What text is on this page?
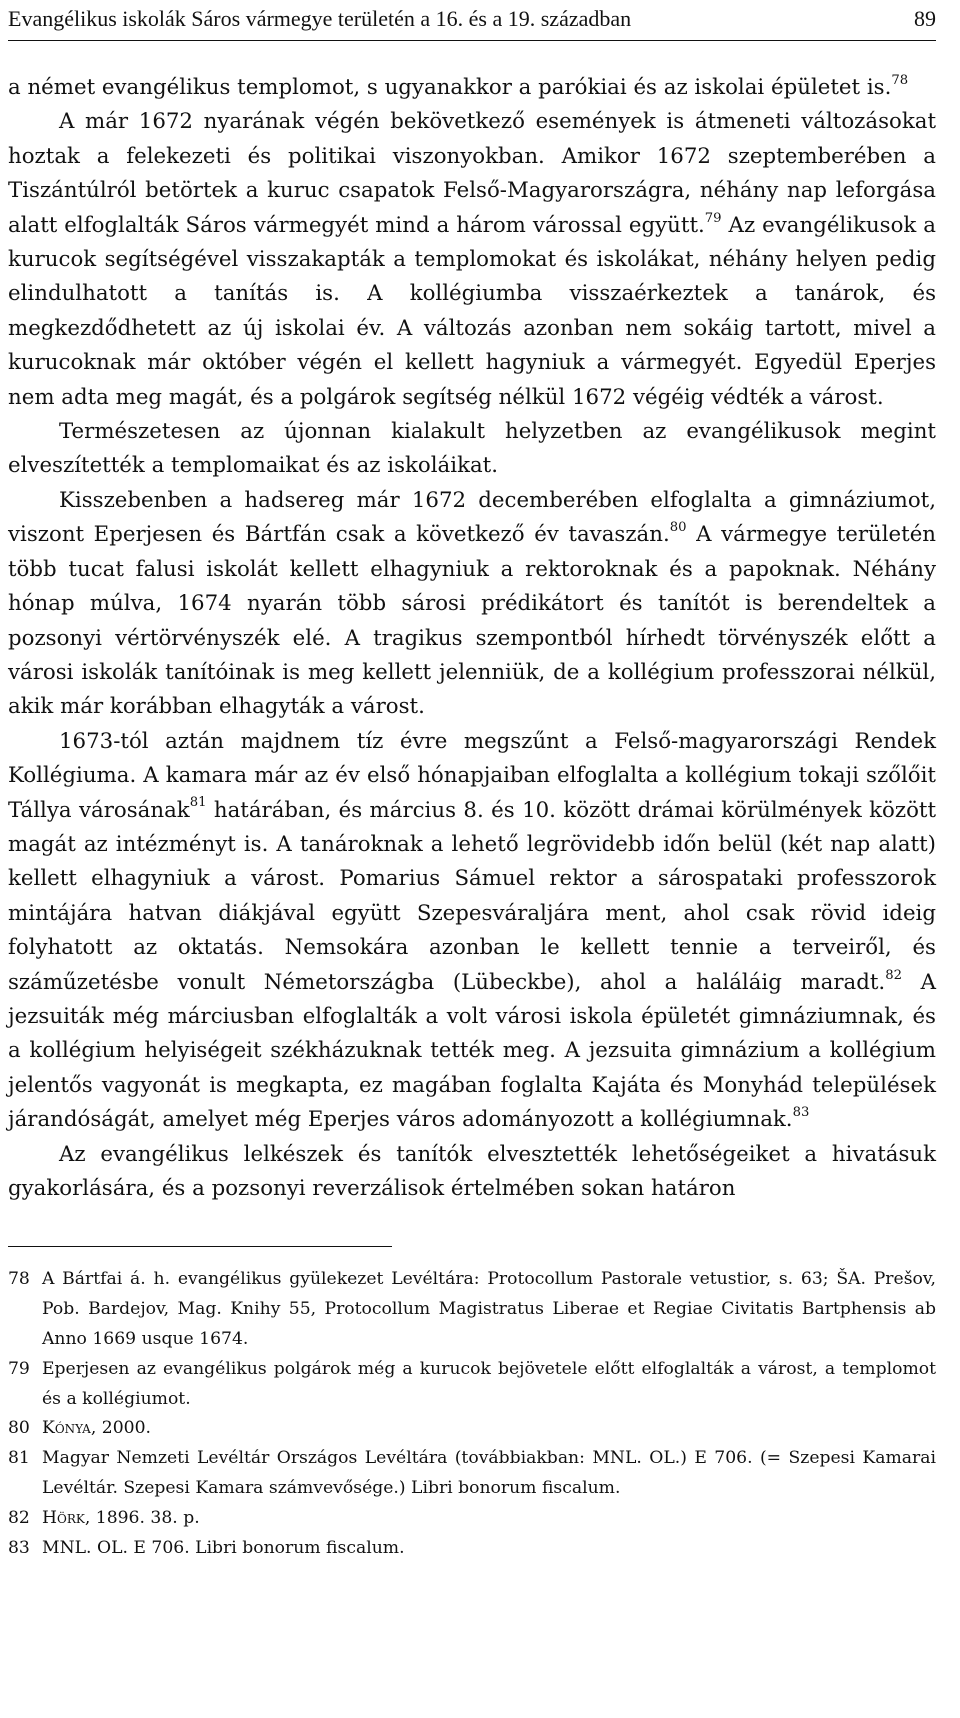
Evangélikus iskolák Sáros vármegye területén a 16. és a 19. században	89

a német evangélikus templomot, s ugyanakkor a parókiai és az iskolai épületet is.$^{78}$

A már 1672 nyarának végén bekövetkező események is átmeneti változásokat hoztak a felekezeti és politikai viszonyokban. Amikor 1672 szeptemberében a Tiszántúlról betörtek a kuruc csapatok Felső-Magyarországra, néhány nap leforgása alatt elfoglalták Sáros vármegyét mind a három várossal együtt.$^{79}$ Az evangélikusok a kurucok segítségével visszakapták a templomokat és iskolákat, néhány helyen pedig elindulhatott a tanítás is. A kollégiumba visszaérkeztek a tanárok, és megkezdődhetett az új iskolai év. A változás azonban nem sokáig tartott, mivel a kurucoknak már október végén el kellett hagyniuk a vármegyét. Egyedül Eperjes nem adta meg magát, és a polgárok segítség nélkül 1672 végéig védték a várost.

Természetesen az újonnan kialakult helyzetben az evangélikusok megint elveszítették a templomaikat és az iskoláikat.

Kisszebenben a hadsereg már 1672 decemberében elfoglalta a gimnáziumot, viszont Eperjesen és Bártfán csak a következő év tavaszán.$^{80}$ A vármegye területén több tucat falusi iskolát kellett elhagyniuk a rektoroknak és a papoknak. Néhány hónap múlva, 1674 nyarán több sárosi prédikátort és tanítót is berendeltek a pozsonyi vértörvényszék elé. A tragikus szempontból hírhedt törvényszék előtt a városi iskolák tanítóinak is meg kellett jelenniük, de a kollégium professzorai nélkül, akik már korábban elhagyták a várost.

1673-tól aztán majdnem tíz évre megszűnt a Felső-magyarországi Rendek Kollégiuma. A kamara már az év első hónapjaiban elfoglalta a kollégium tokaji szőlőit Tállya városának$^{81}$ határában, és március 8. és 10. között drámai körülmények között magát az intézményt is. A tanároknak a lehető legrövidebb időn belül (két nap alatt) kellett elhagyniuk a várost. Pomarius Sámuel rektor a sárospataki professzorok mintájára hatvan diákjával együtt Szepesváraljára ment, ahol csak rövid ideig folyhatott az oktatás. Nemsokára azonban le kellett tennie a terveiről, és száműzetésbe vonult Németországba (Lübeckbe), ahol a haláláig maradt.$^{82}$ A jezsuiták még márciusban elfoglalták a volt városi iskola épületét gimnáziumnak, és a kollégium helyiségeit székházuknak tették meg. A jezsuita gimnázium a kollégium jelentős vagyonát is megkapta, ez magában foglalta Kajáta és Monyhád települések járandóságát, amelyet még Eperjes város adományozott a kollégiumnak.$^{83}$

Az evangélikus lelkészek és tanítók elvesztették lehetőségeiket a hivatásuk gyakorlására, és a pozsonyi reverzálisok értelmében sokan határon

78 A Bártfai á. h. evangélikus gyülekezet Levéltára: Protocollum Pastorale vetustior, s. 63; ŠA. Prešov, Pob. Bardejov, Mag. Knihy 55, Protocollum Magistratus Liberae et Regiae Civitatis Bartphensis ab Anno 1669 usque 1674.
79 Eperjesen az evangélikus polgárok még a kurucok bejövetele előtt elfoglalták a várost, a templomot és a kollégiumot.
80 Kónya, 2000.
81 Magyar Nemzeti Levéltár Országos Levéltára (továbbiakban: MNL. OL.) E 706. (= Szepesi Kamarai Levéltár. Szepesi Kamara számvevősége.) Libri bonorum fiscalum.
82 Hörk, 1896. 38. p.
83 MNL. OL. E 706. Libri bonorum fiscalum.
